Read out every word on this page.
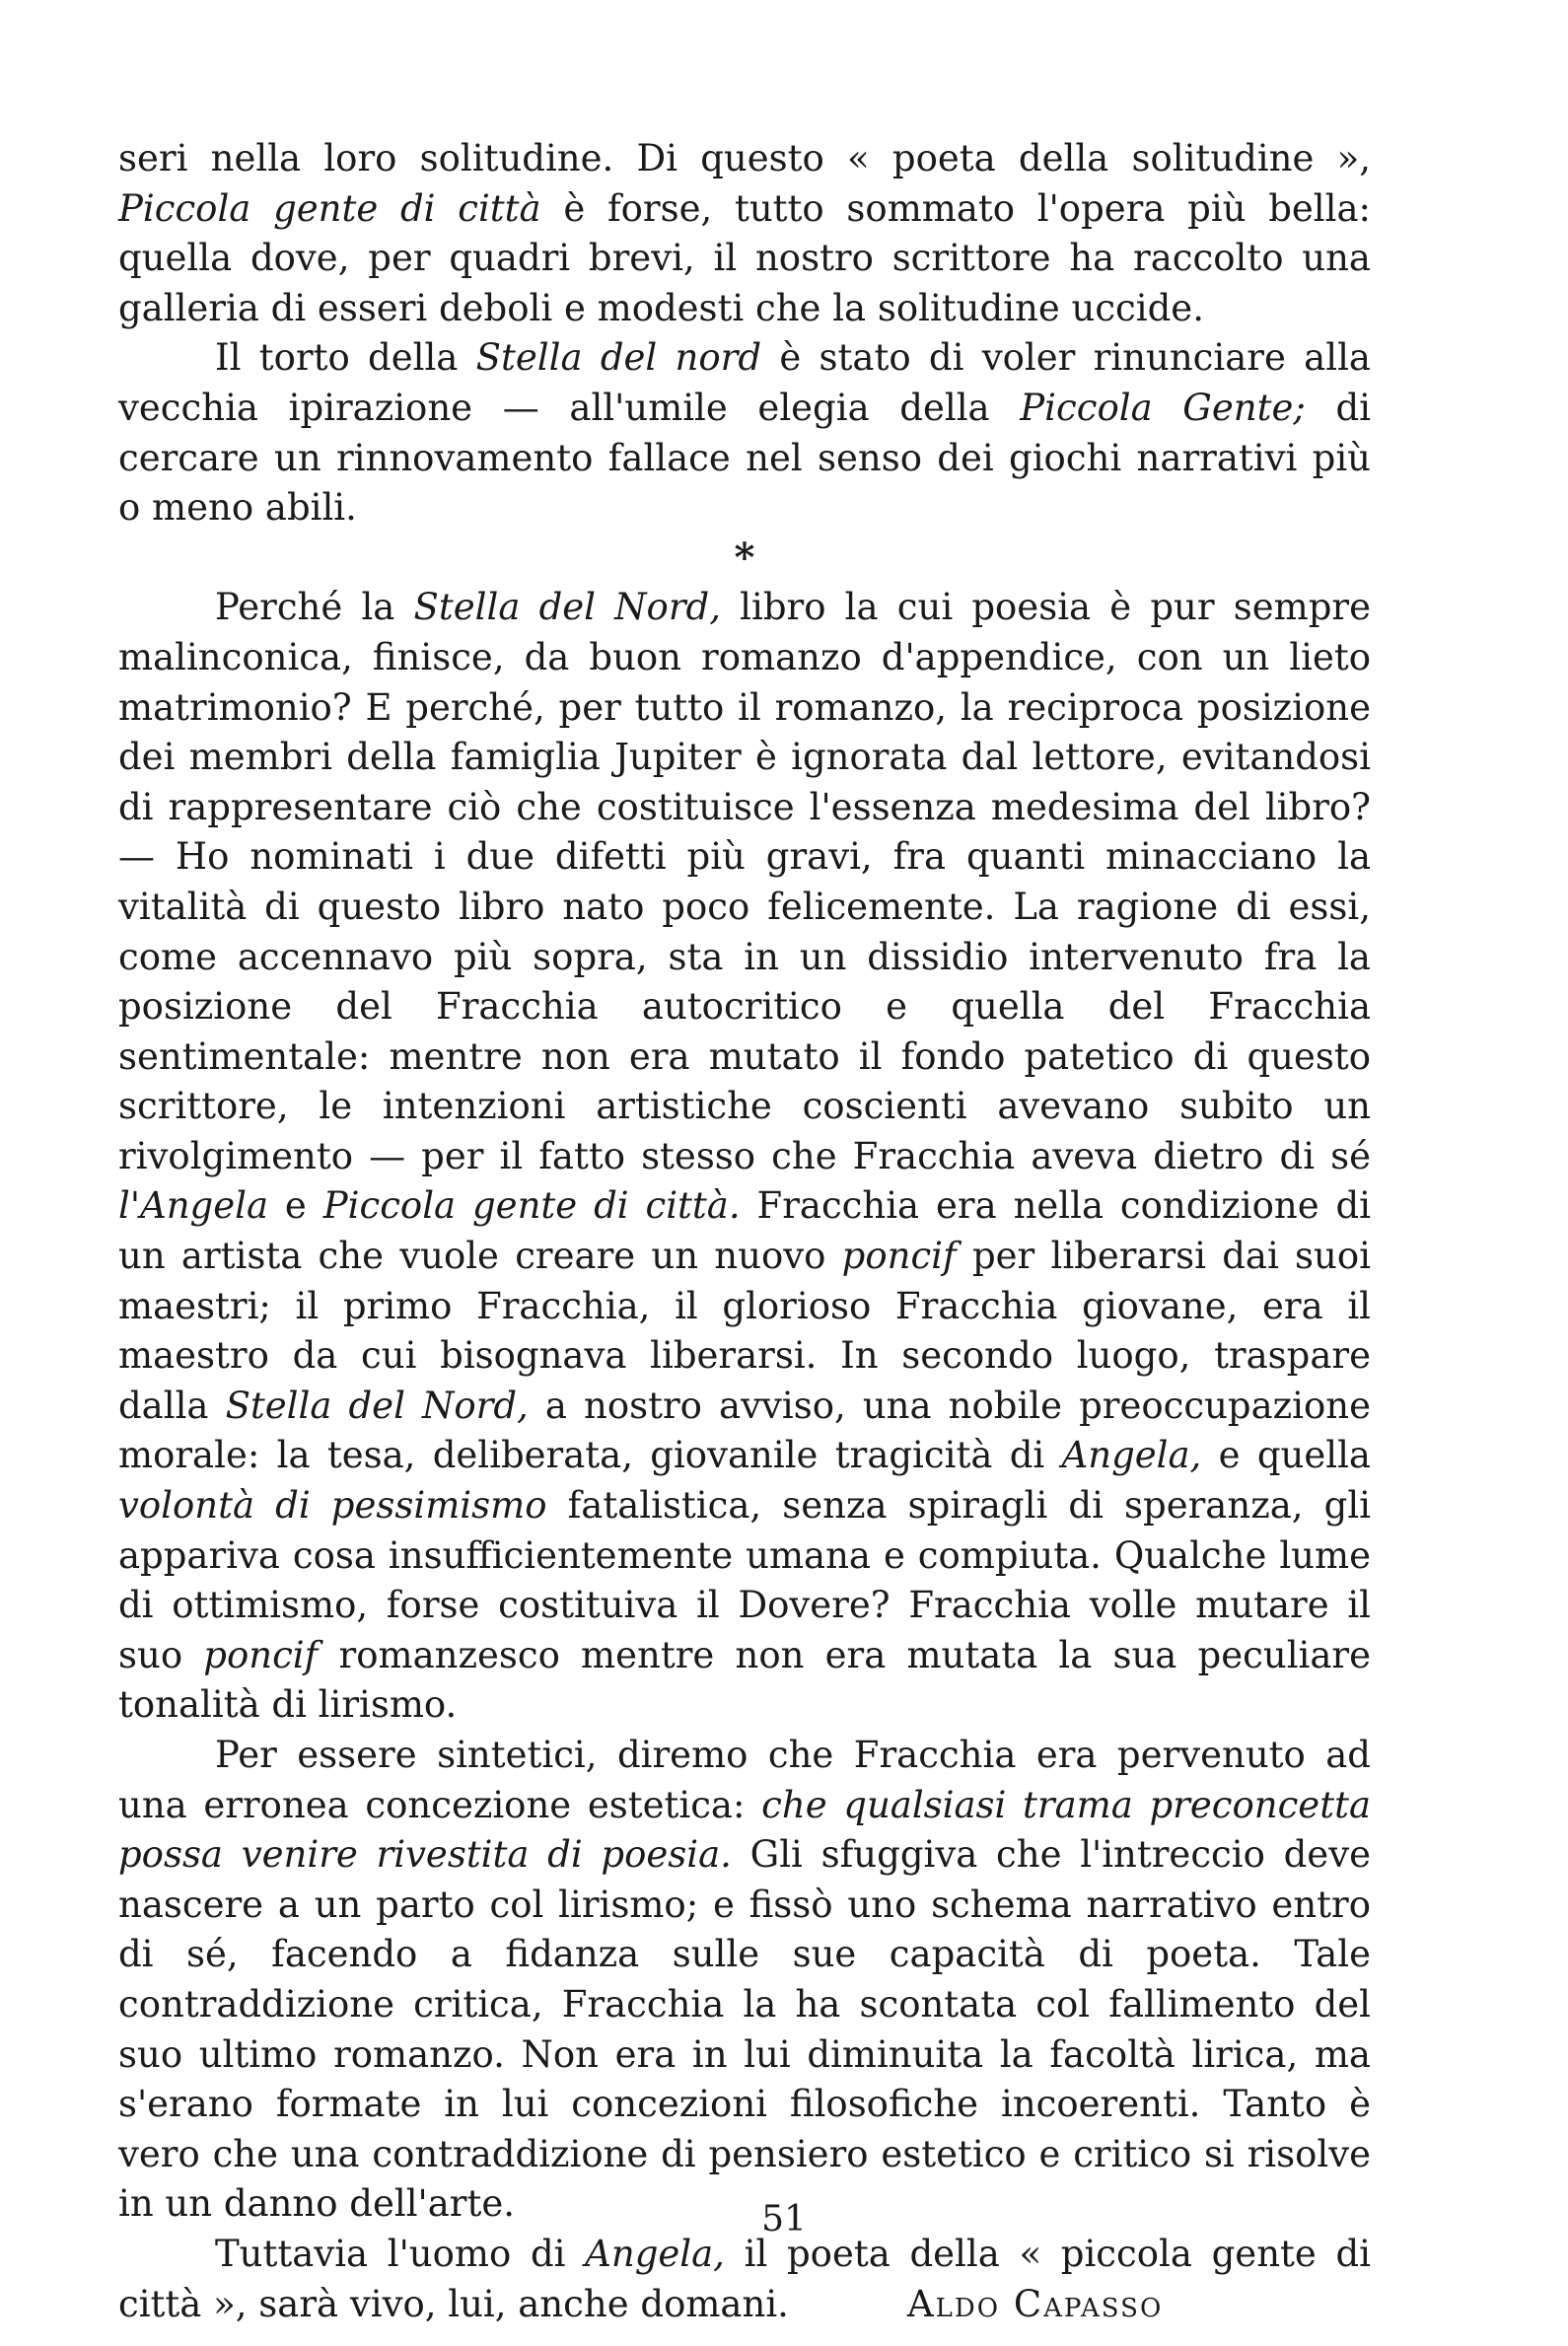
seri nella loro solitudine. Di questo « poeta della solitudine », Piccola gente di città è forse, tutto sommato l'opera più bella: quella dove, per quadri brevi, il nostro scrittore ha raccolto una galleria di esseri deboli e modesti che la solitudine uccide.

Il torto della Stella del nord è stato di voler rinunciare alla vecchia ipirazione — all'umile elegia della Piccola Gente; di cercare un rinnovamento fallace nel senso dei giochi narrativi più o meno abili.

*

Perché la Stella del Nord, libro la cui poesia è pur sempre malinconica, finisce, da buon romanzo d'appendice, con un lieto matrimonio? E perché, per tutto il romanzo, la reciproca posizione dei membri della famiglia Jupiter è ignorata dal lettore, evitandosi di rappresentare ciò che costituisce l'essenza medesima del libro? — Ho nominati i due difetti più gravi, fra quanti minacciano la vitalità di questo libro nato poco felicemente. La ragione di essi, come accennavo più sopra, sta in un dissidio intervenuto fra la posizione del Fracchia autocritico e quella del Fracchia sentimentale: mentre non era mutato il fondo patetico di questo scrittore, le intenzioni artistiche coscienti avevano subito un rivolgimento — per il fatto stesso che Fracchia aveva dietro di sé l'Angela e Piccola gente di città. Fracchia era nella condizione di un artista che vuole creare un nuovo poncif per liberarsi dai suoi maestri; il primo Fracchia, il glorioso Fracchia giovane, era il maestro da cui bisognava liberarsi. In secondo luogo, traspare dalla Stella del Nord, a nostro avviso, una nobile preoccupazione morale: la tesa, deliberata, giovanile tragicità di Angela, e quella volontà di pessimismo fatalistica, senza spiragli di speranza, gli appariva cosa insufficientemente umana e compiuta. Qualche lume di ottimismo, forse costituiva il Dovere? Fracchia volle mutare il suo poncif romanzesco mentre non era mutata la sua peculiare tonalità di lirismo.

Per essere sintetici, diremo che Fracchia era pervenuto ad una erronea concezione estetica: che qualsiasi trama preconcetta possa venire rivestita di poesia. Gli sfuggiva che l'intreccio deve nascere a un parto col lirismo; e fissò uno schema narrativo entro di sé, facendo a fidanza sulle sue capacità di poeta. Tale contraddizione critica, Fracchia la ha scontata col fallimento del suo ultimo romanzo. Non era in lui diminuita la facoltà lirica, ma s'erano formate in lui concezioni filosofiche incoerenti. Tanto è vero che una contraddizione di pensiero estetico e critico si risolve in un danno dell'arte.

Tuttavia l'uomo di Angela, il poeta della « piccola gente di città », sarà vivo, lui, anche domani.	Aldo Capasso

51
